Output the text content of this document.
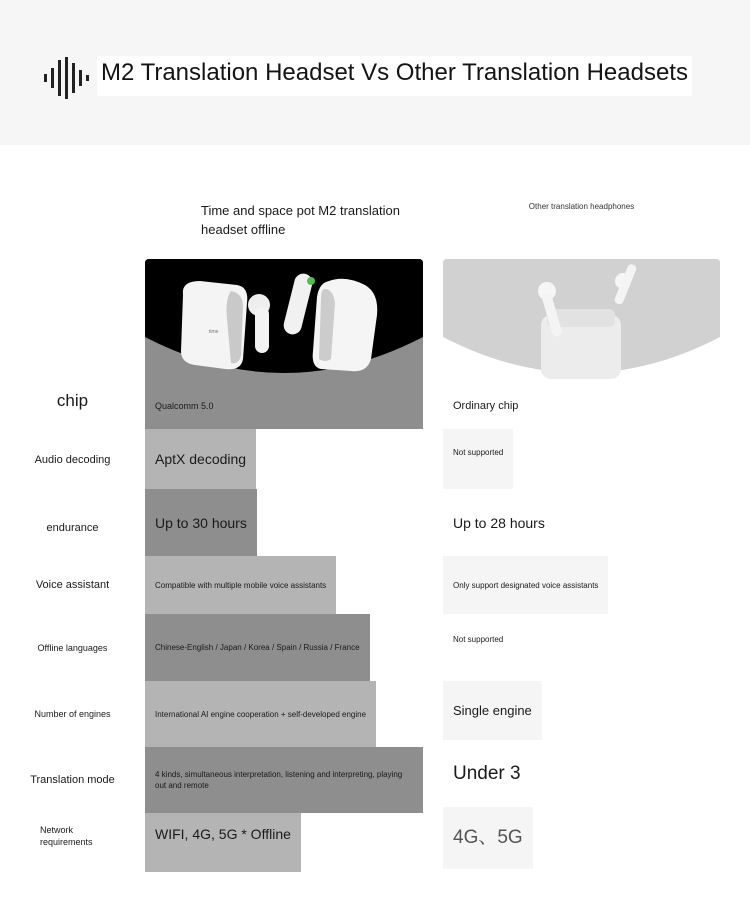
M2 Translation Headset Vs Other Translation Headsets
Time and space pot M2 translation headset offline
Other translation headphones
chip
Audio decoding
endurance
Voice assistant
Offline languages
Number of engines
Translation mode
Network requirements
time
Qualcomm 5.0
AptX decoding
Up to 30 hours
Compatible with multiple mobile voice assistants
Chinese-English / Japan / Korea / Spain / Russia / France
International AI engine cooperation + self-developed engine
4 kinds, simultaneous interpretation, listening and interpreting, playing out and remote
WIFI, 4G, 5G * Offline
Ordinary chip
Not supported
Up to 28 hours
Only support designated voice assistants
Not supported
Single engine
Under 3
4G、5G
